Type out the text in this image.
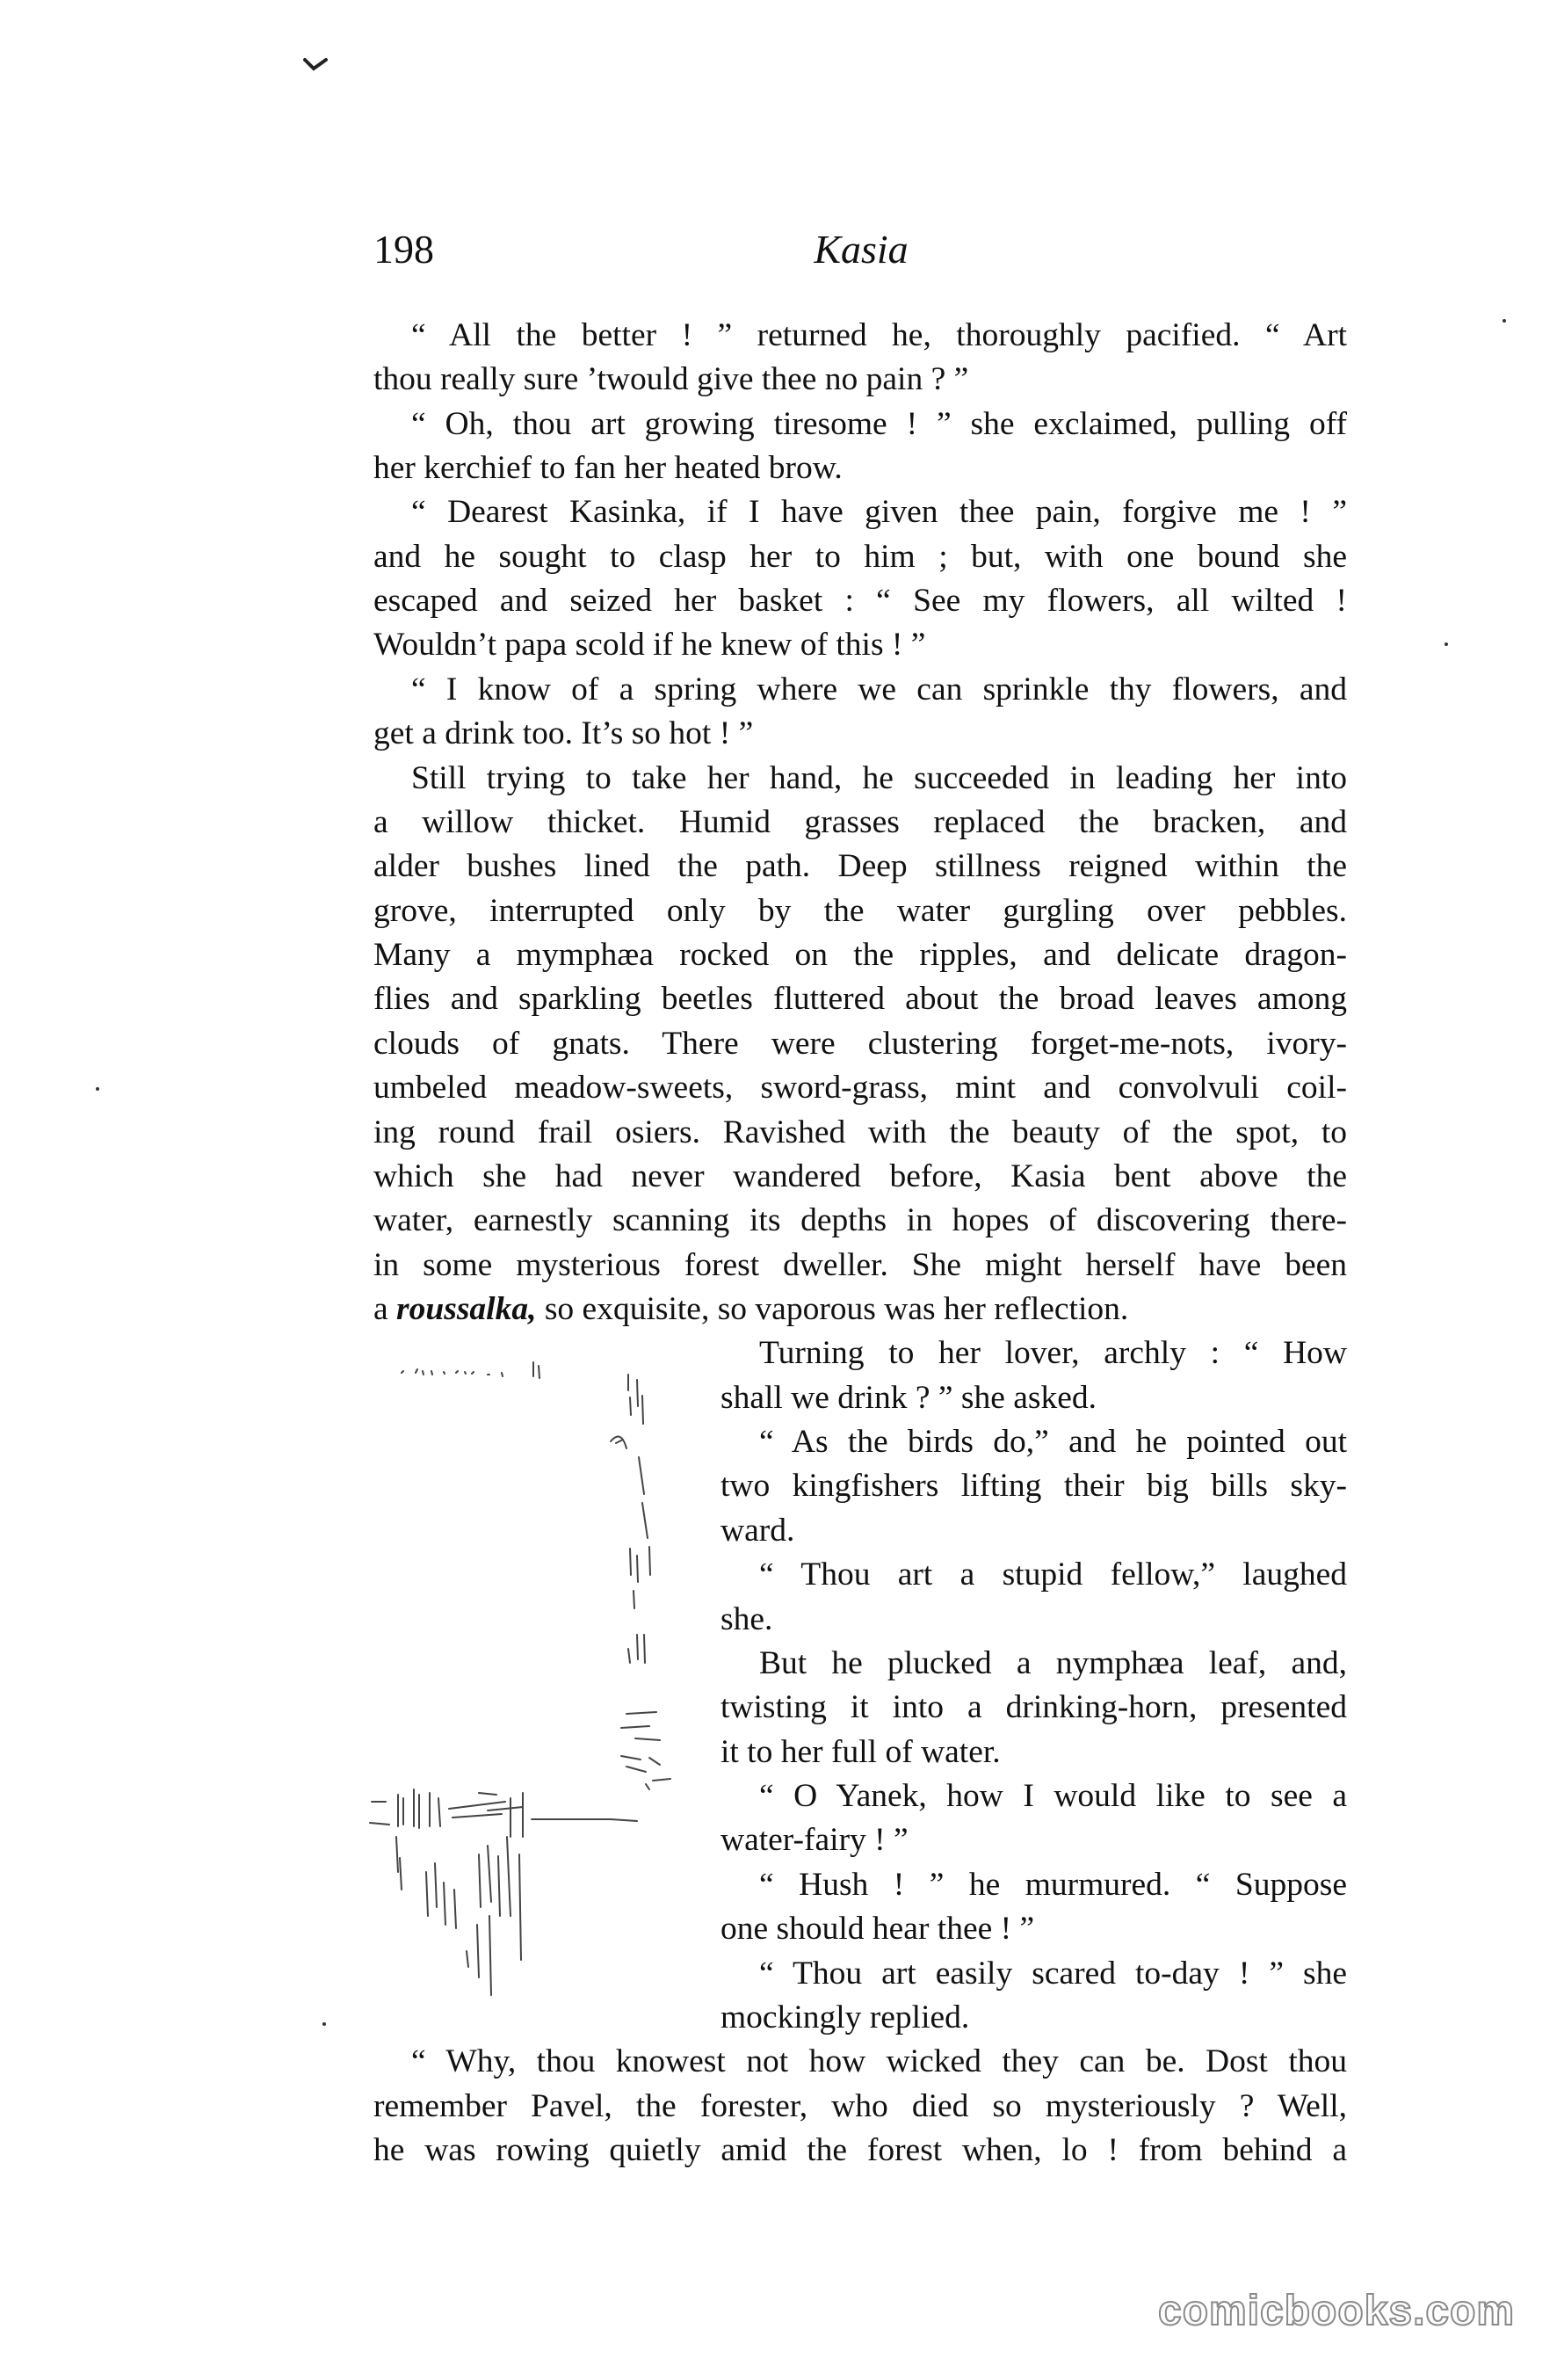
198	Kasia
“ All the better ! ” returned he, thoroughly pacified. “ Art
thou really sure ’twould give thee no pain ? ”
“ Oh, thou art growing tiresome ! ” she exclaimed, pulling off
her kerchief to fan her heated brow.
“ Dearest Kasinka, if I have given thee pain, forgive me ! ”
and he sought to clasp her to him ; but, with one bound she
escaped and seized her basket : “ See my flowers, all wilted !
Wouldn’t papa scold if he knew of this ! ”
“ I know of a spring where we can sprinkle thy flowers, and
get a drink too. It’s so hot ! ”
Still trying to take her hand, he succeeded in leading her into
a willow thicket. Humid grasses replaced the bracken, and
alder bushes lined the path. Deep stillness reigned within the
grove, interrupted only by the water gurgling over pebbles.
Many a mymphæa rocked on the ripples, and delicate dragon-
flies and sparkling beetles fluttered about the broad leaves among
clouds of gnats. There were clustering forget-me-nots, ivory-
umbeled meadow-sweets, sword-grass, mint and convolvuli coil-
ing round frail osiers. Ravished with the beauty of the spot, to
which she had never wandered before, Kasia bent above the
water, earnestly scanning its depths in hopes of discovering there-
in some mysterious forest dweller. She might herself have been
a roussalka, so exquisite, so vaporous was her reflection.
Turning to her lover, archly : “ How
shall we drink ? ” she asked.
“ As the birds do,” and he pointed out
two kingfishers lifting their big bills sky-
ward.
“ Thou art a stupid fellow,” laughed
she.
But he plucked a nymphæa leaf, and,
twisting it into a drinking-horn, presented
it to her full of water.
“ O Yanek, how I would like to see a
water-fairy ! ”
“ Hush ! ” he murmured. “ Suppose
one should hear thee ! ”
“ Thou art easily scared to-day ! ” she
mockingly replied.
“ Why, thou knowest not how wicked they can be. Dost thou
remember Pavel, the forester, who died so mysteriously ? Well,
he was rowing quietly amid the forest when, lo ! from behind a
comicbooks.com
